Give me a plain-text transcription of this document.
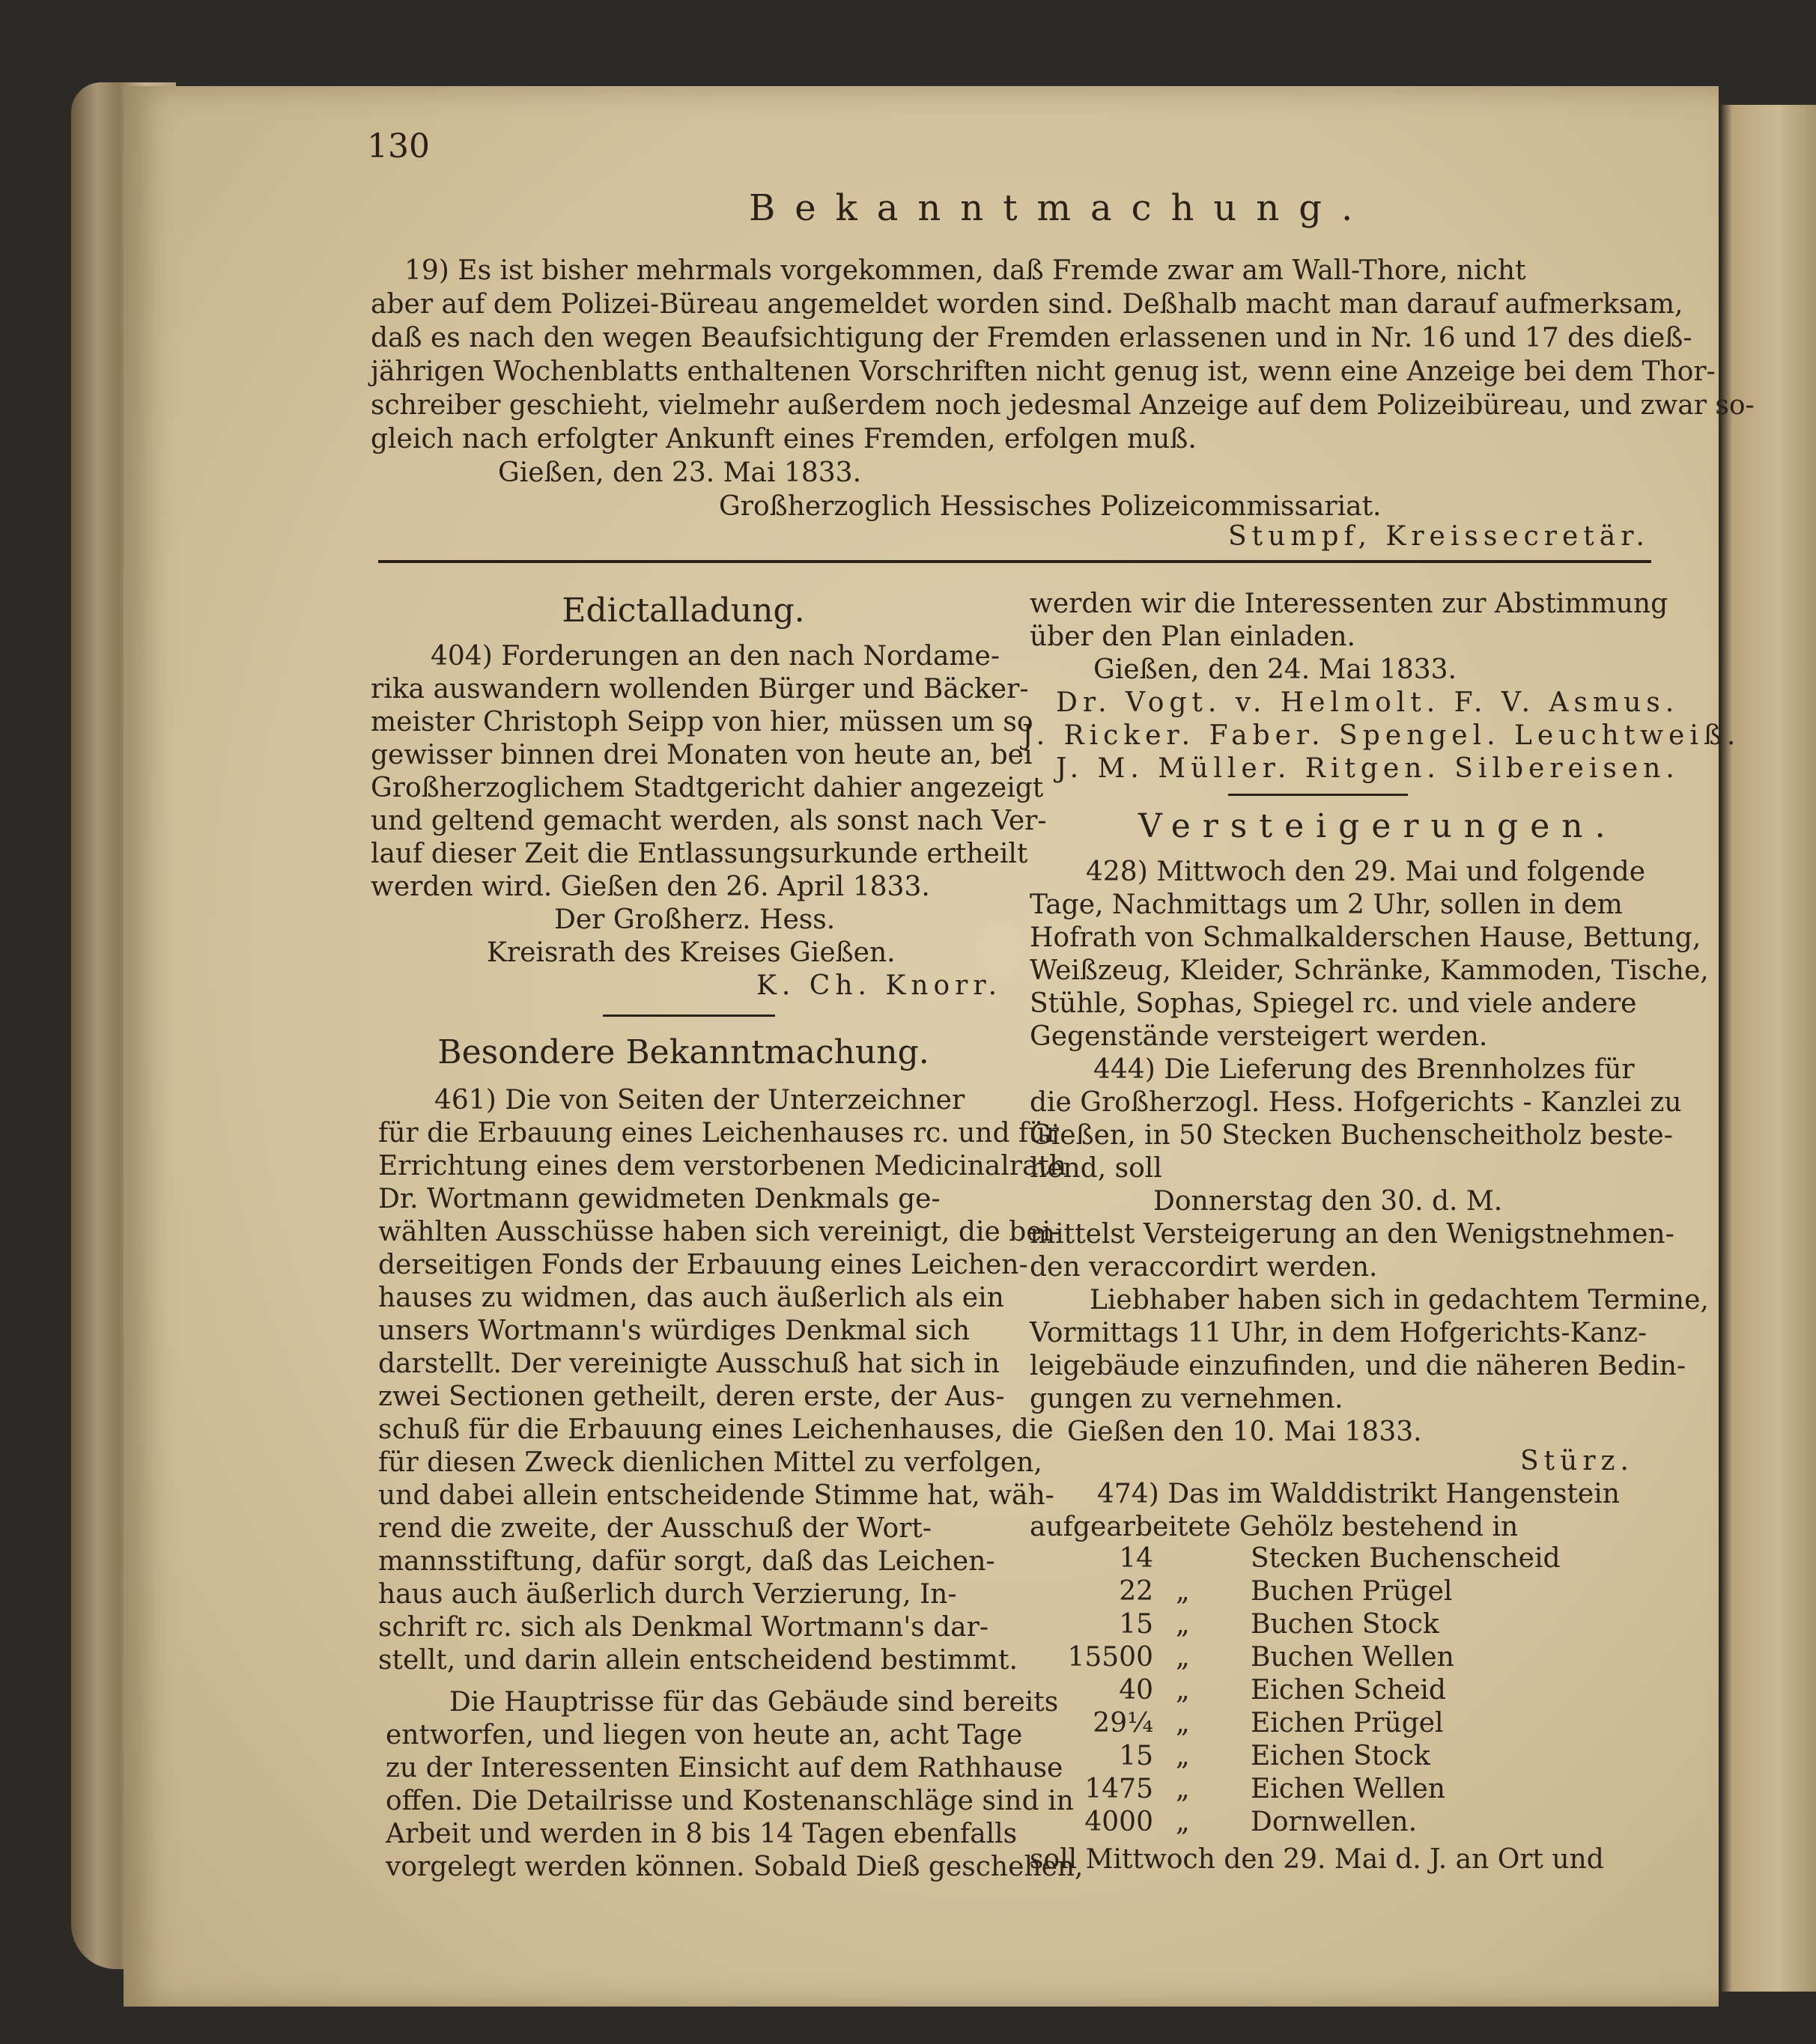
130
Bekanntmachung.
19) Es ist bisher mehrmals vorgekommen, daß Fremde zwar am Wall-Thore, nicht
aber auf dem Polizei-Büreau angemeldet worden sind. Deßhalb macht man darauf aufmerksam,
daß es nach den wegen Beaufsichtigung der Fremden erlassenen und in Nr. 16 und 17 des dieß-
jährigen Wochenblatts enthaltenen Vorschriften nicht genug ist, wenn eine Anzeige bei dem Thor-
schreiber geschieht, vielmehr außerdem noch jedesmal Anzeige auf dem Polizeibüreau, und zwar so-
gleich nach erfolgter Ankunft eines Fremden, erfolgen muß.
Gießen, den 23. Mai 1833.
Großherzoglich Hessisches Polizeicommissariat.
Stumpf, Kreissecretär.
Edictalladung.
404) Forderungen an den nach Nordame-
rika auswandern wollenden Bürger und Bäcker-
meister Christoph Seipp von hier, müssen um so
gewisser binnen drei Monaten von heute an, bei
Großherzoglichem Stadtgericht dahier angezeigt
und geltend gemacht werden, als sonst nach Ver-
lauf dieser Zeit die Entlassungsurkunde ertheilt
werden wird. Gießen den 26. April 1833.
Der Großherz. Hess.
Kreisrath des Kreises Gießen.
K. Ch. Knorr.
Besondere Bekanntmachung.
461) Die von Seiten der Unterzeichner
für die Erbauung eines Leichenhauses rc. und für
Errichtung eines dem verstorbenen Medicinalrath
Dr. Wortmann gewidmeten Denkmals ge-
wählten Ausschüsse haben sich vereinigt, die bei-
derseitigen Fonds der Erbauung eines Leichen-
hauses zu widmen, das auch äußerlich als ein
unsers Wortmann's würdiges Denkmal sich
darstellt. Der vereinigte Ausschuß hat sich in
zwei Sectionen getheilt, deren erste, der Aus-
schuß für die Erbauung eines Leichenhauses, die
für diesen Zweck dienlichen Mittel zu verfolgen,
und dabei allein entscheidende Stimme hat, wäh-
rend die zweite, der Ausschuß der Wort-
mannsstiftung, dafür sorgt, daß das Leichen-
haus auch äußerlich durch Verzierung, In-
schrift rc. sich als Denkmal Wortmann's dar-
stellt, und darin allein entscheidend bestimmt.
Die Hauptrisse für das Gebäude sind bereits
entworfen, und liegen von heute an, acht Tage
zu der Interessenten Einsicht auf dem Rathhause
offen. Die Detailrisse und Kostenanschläge sind in
Arbeit und werden in 8 bis 14 Tagen ebenfalls
vorgelegt werden können. Sobald Dieß geschehen,
werden wir die Interessenten zur Abstimmung
über den Plan einladen.
Gießen, den 24. Mai 1833.
Dr. Vogt. v. Helmolt. F. V. Asmus.
J. Ricker. Faber. Spengel. Leuchtweiß.
J. M. Müller. Ritgen. Silbereisen.
Versteigerungen.
428) Mittwoch den 29. Mai und folgende
Tage, Nachmittags um 2 Uhr, sollen in dem
Hofrath von Schmalkalderschen Hause, Bettung,
Weißzeug, Kleider, Schränke, Kammoden, Tische,
Stühle, Sophas, Spiegel rc. und viele andere
Gegenstände versteigert werden.
444) Die Lieferung des Brennholzes für
die Großherzogl. Hess. Hofgerichts - Kanzlei zu
Gießen, in 50 Stecken Buchenscheitholz beste-
hend, soll
Donnerstag den 30. d. M.
mittelst Versteigerung an den Wenigstnehmen-
den veraccordirt werden.
Liebhaber haben sich in gedachtem Termine,
Vormittags 11 Uhr, in dem Hofgerichts-Kanz-
leigebäude einzufinden, und die näheren Bedin-
gungen zu vernehmen.
Gießen den 10. Mai 1833.
Stürz.
474) Das im Walddistrikt Hangenstein
aufgearbeitete Gehölz bestehend in
14	Stecken Buchenscheid
22 „ Buchen Prügel
15 „ Buchen Stock
15500 „ Buchen Wellen
40 „ Eichen Scheid
29¼ „ Eichen Prügel
15 „ Eichen Stock
1475 „ Eichen Wellen
4000 „ Dornwellen.
soll Mittwoch den 29. Mai d. J. an Ort und
